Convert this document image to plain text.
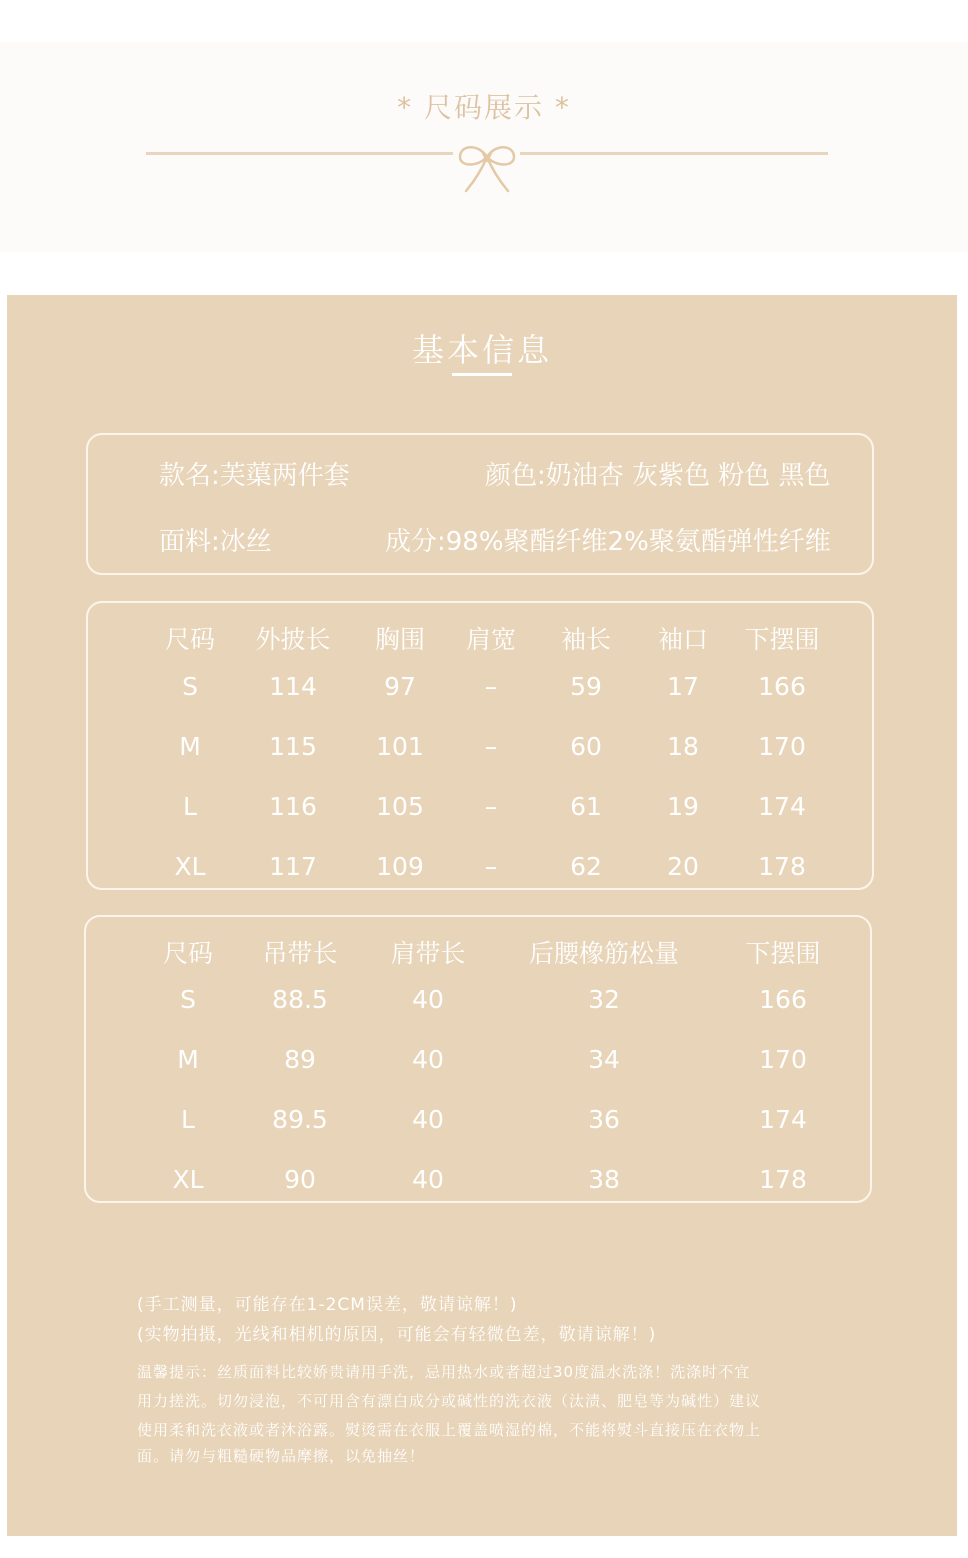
* 尺码展示 *
基本信息
款名:芙蕖两件套	颜色:奶油杏 灰紫色 粉色 黑色
面料:冰丝	成分:98%聚酯纤维2%聚氨酯弹性纤维
尺码 外披长 胸围 肩宽 袖长 袖口 下摆围
S	114	97	–	59	17 166
M	115 101 –	60	18 170
L	116 105 –	61	19 174
XL	117 109 –	62	20 178
尺码 吊带长 肩带长	后腰橡筋松量	下摆围
S	88.5	40	32	166
M	89	40	34	170
L	89.5	40	36	174
XL	90	40	38	178
(手工测量，可能存在1-2CM误差，敬请谅解！)
(实物拍摄，光线和相机的原因，可能会有轻微色差，敬请谅解！)
温馨提示：丝质面料比较娇贵请用手洗，忌用热水或者超过30度温水洗涤！洗涤时不宜
用力搓洗。切勿浸泡，不可用含有漂白成分或碱性的洗衣液（汰渍、肥皂等为碱性）建议
使用柔和洗衣液或者沐浴露。熨烫需在衣服上覆盖喷湿的棉，不能将熨斗直接压在衣物上
面。请勿与粗糙硬物品摩擦，以免抽丝！
